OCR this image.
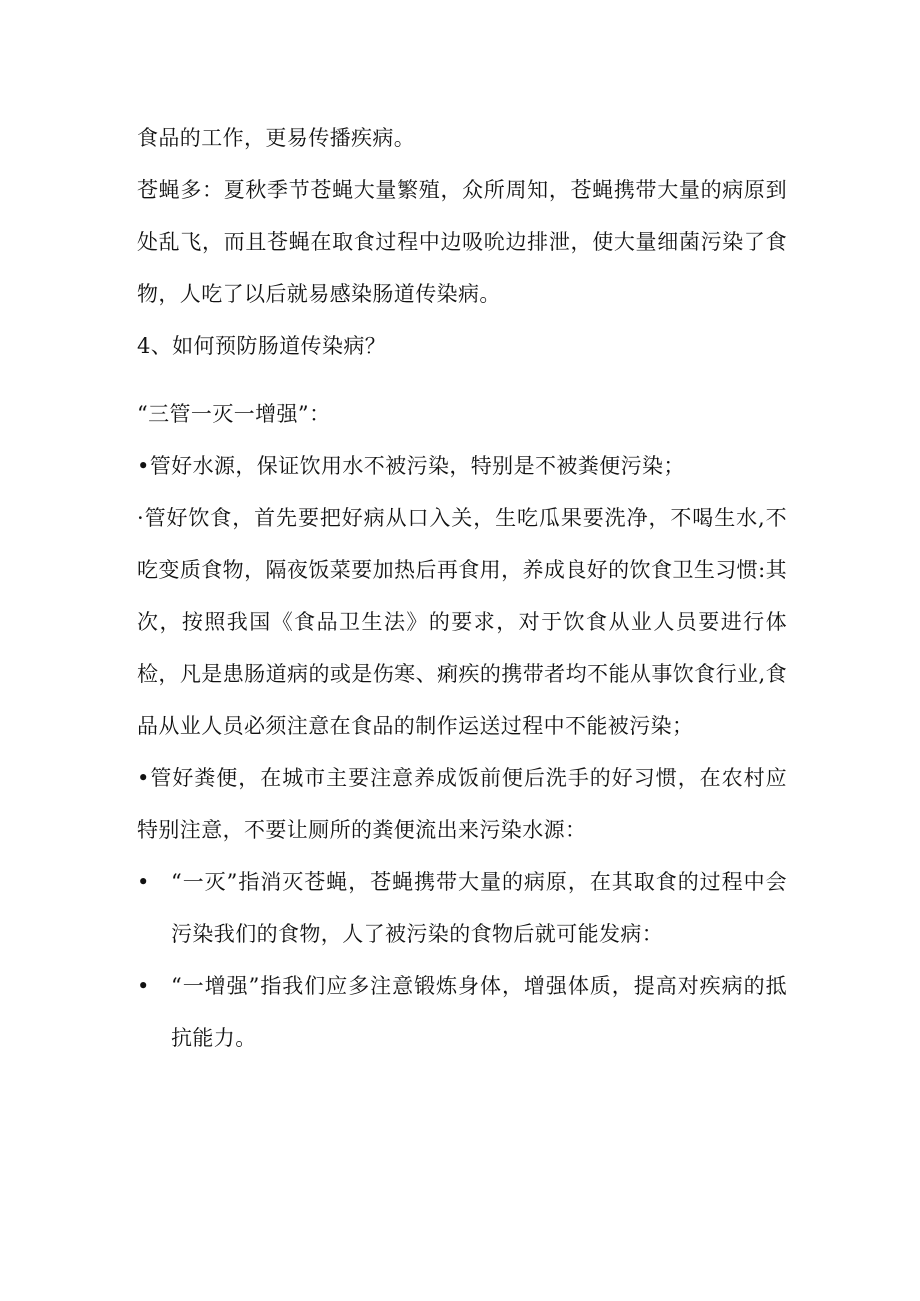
食品的工作，更易传播疾病。

苍蝇多：夏秋季节苍蝇大量繁殖，众所周知，苍蝇携带大量的病原到处乱飞，而且苍蝇在取食过程中边吸吮边排泄，使大量细菌污染了食物，人吃了以后就易感染肠道传染病。

4、如何预防肠道传染病？

“三管一灭一增强”：

•管好水源，保证饮用水不被污染，特别是不被粪便污染；

·管好饮食，首先要把好病从口入关，生吃瓜果要洗净，不喝生水,不吃变质食物，隔夜饭菜要加热后再食用，养成良好的饮食卫生习惯:其次，按照我国《食品卫生法》的要求，对于饮食从业人员要进行体检，凡是患肠道病的或是伤寒、痢疾的携带者均不能从事饮食行业,食品从业人员必须注意在食品的制作运送过程中不能被污染；

•管好粪便，在城市主要注意养成饭前便后洗手的好习惯，在农村应特别注意，不要让厕所的粪便流出来污染水源：

•	“一灭”指消灭苍蝇，苍蝇携带大量的病原，在其取食的过程中会污染我们的食物，人了被污染的食物后就可能发病：
•	“一增强”指我们应多注意锻炼身体，增强体质，提高对疾病的抵抗能力。
